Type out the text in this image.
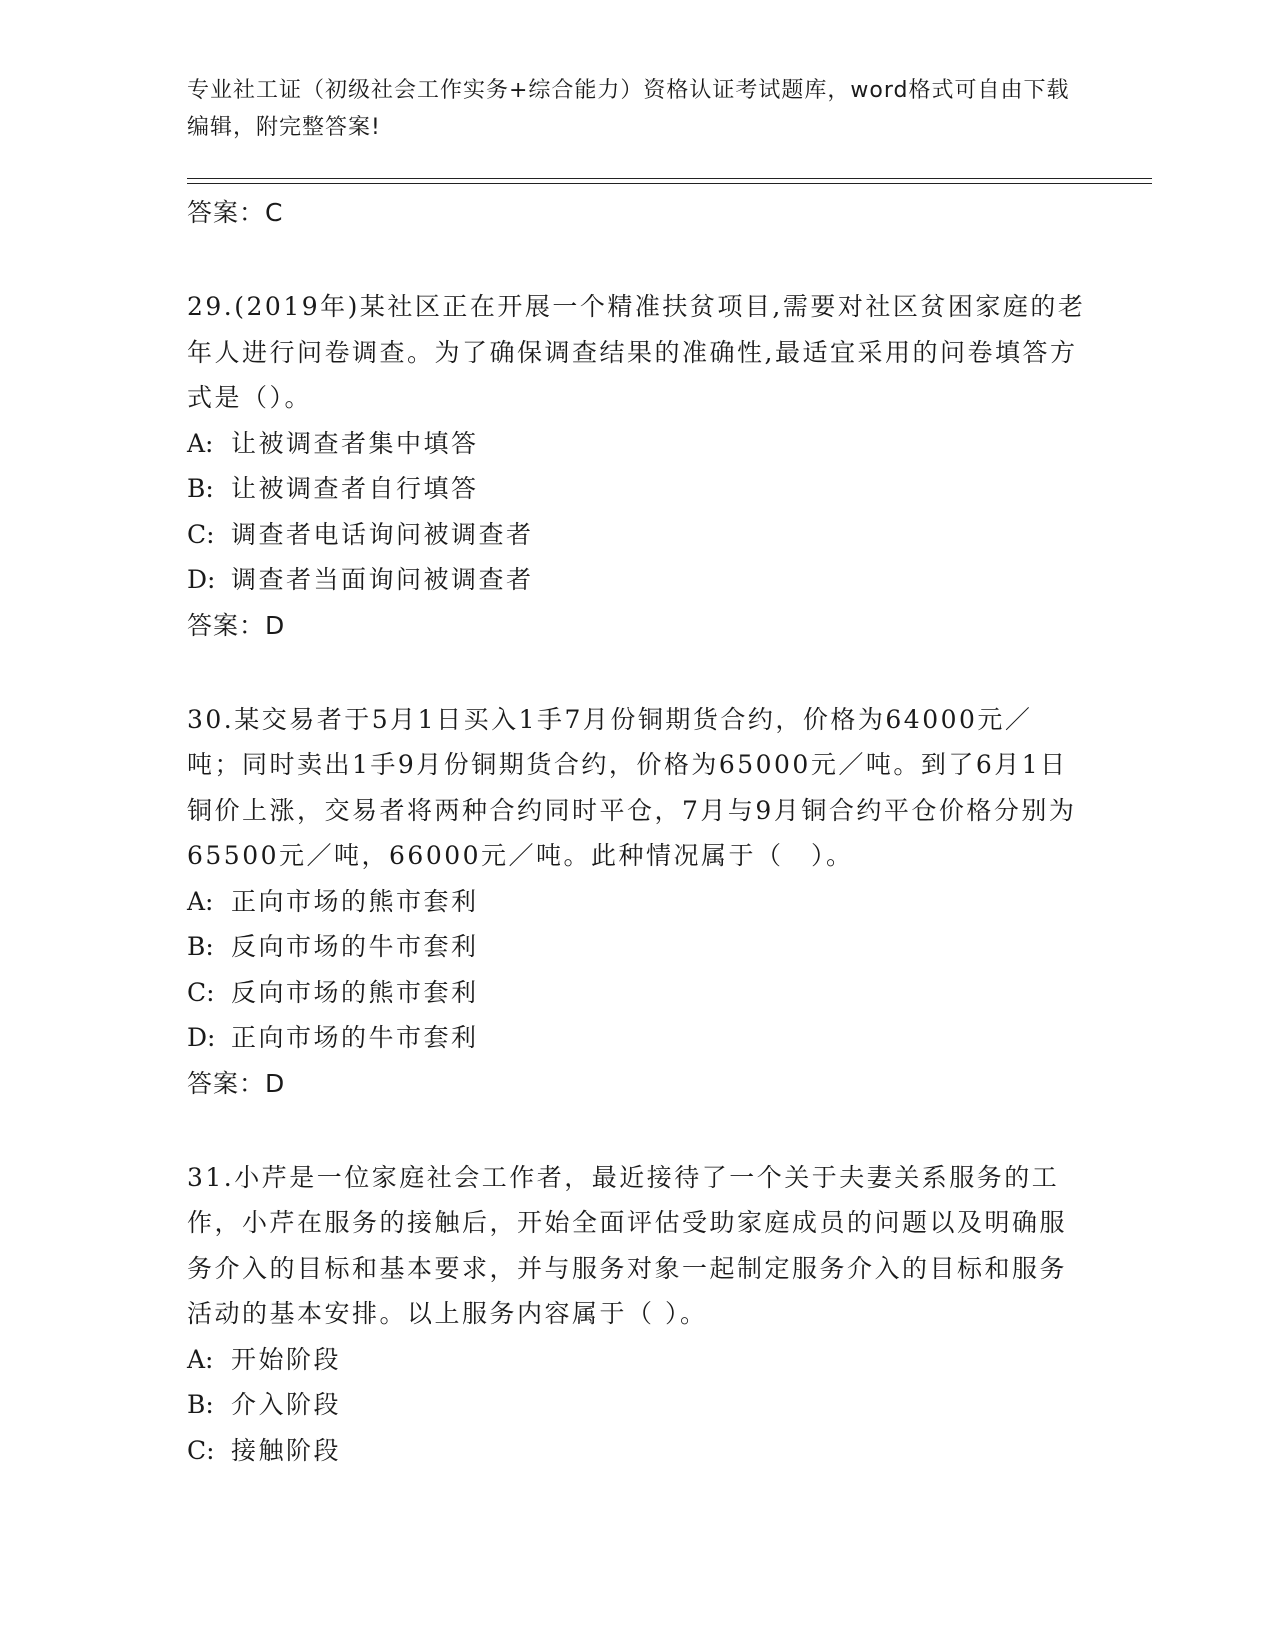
专业社工证（初级社会工作实务+综合能力）资格认证考试题库，word格式可自由下载编辑，附完整答案!
答案：C

29.(2019年)某社区正在开展一个精准扶贫项目,需要对社区贫困家庭的老年人进行问卷调查。为了确保调查结果的准确性,最适宜采用的问卷填答方式是（）。

A: 让被调查者集中填答
B: 让被调查者自行填答
C: 调查者电话询问被调查者
D: 调查者当面询问被调查者
答案：D

30.某交易者于5月1日买入1手7月份铜期货合约，价格为64000元／吨；同时卖出1手9月份铜期货合约，价格为65000元／吨。到了6月1日铜价上涨，交易者将两种合约同时平仓，7月与9月铜合约平仓价格分别为65500元／吨，66000元／吨。此种情况属于（　）。

A: 正向市场的熊市套利
B: 反向市场的牛市套利
C: 反向市场的熊市套利
D: 正向市场的牛市套利
答案：D

31.小芹是一位家庭社会工作者，最近接待了一个关于夫妻关系服务的工作，小芹在服务的接触后，开始全面评估受助家庭成员的问题以及明确服务介入的目标和基本要求，并与服务对象一起制定服务介入的目标和服务活动的基本安排。以上服务内容属于（ ）。

A: 开始阶段
B: 介入阶段
C: 接触阶段
